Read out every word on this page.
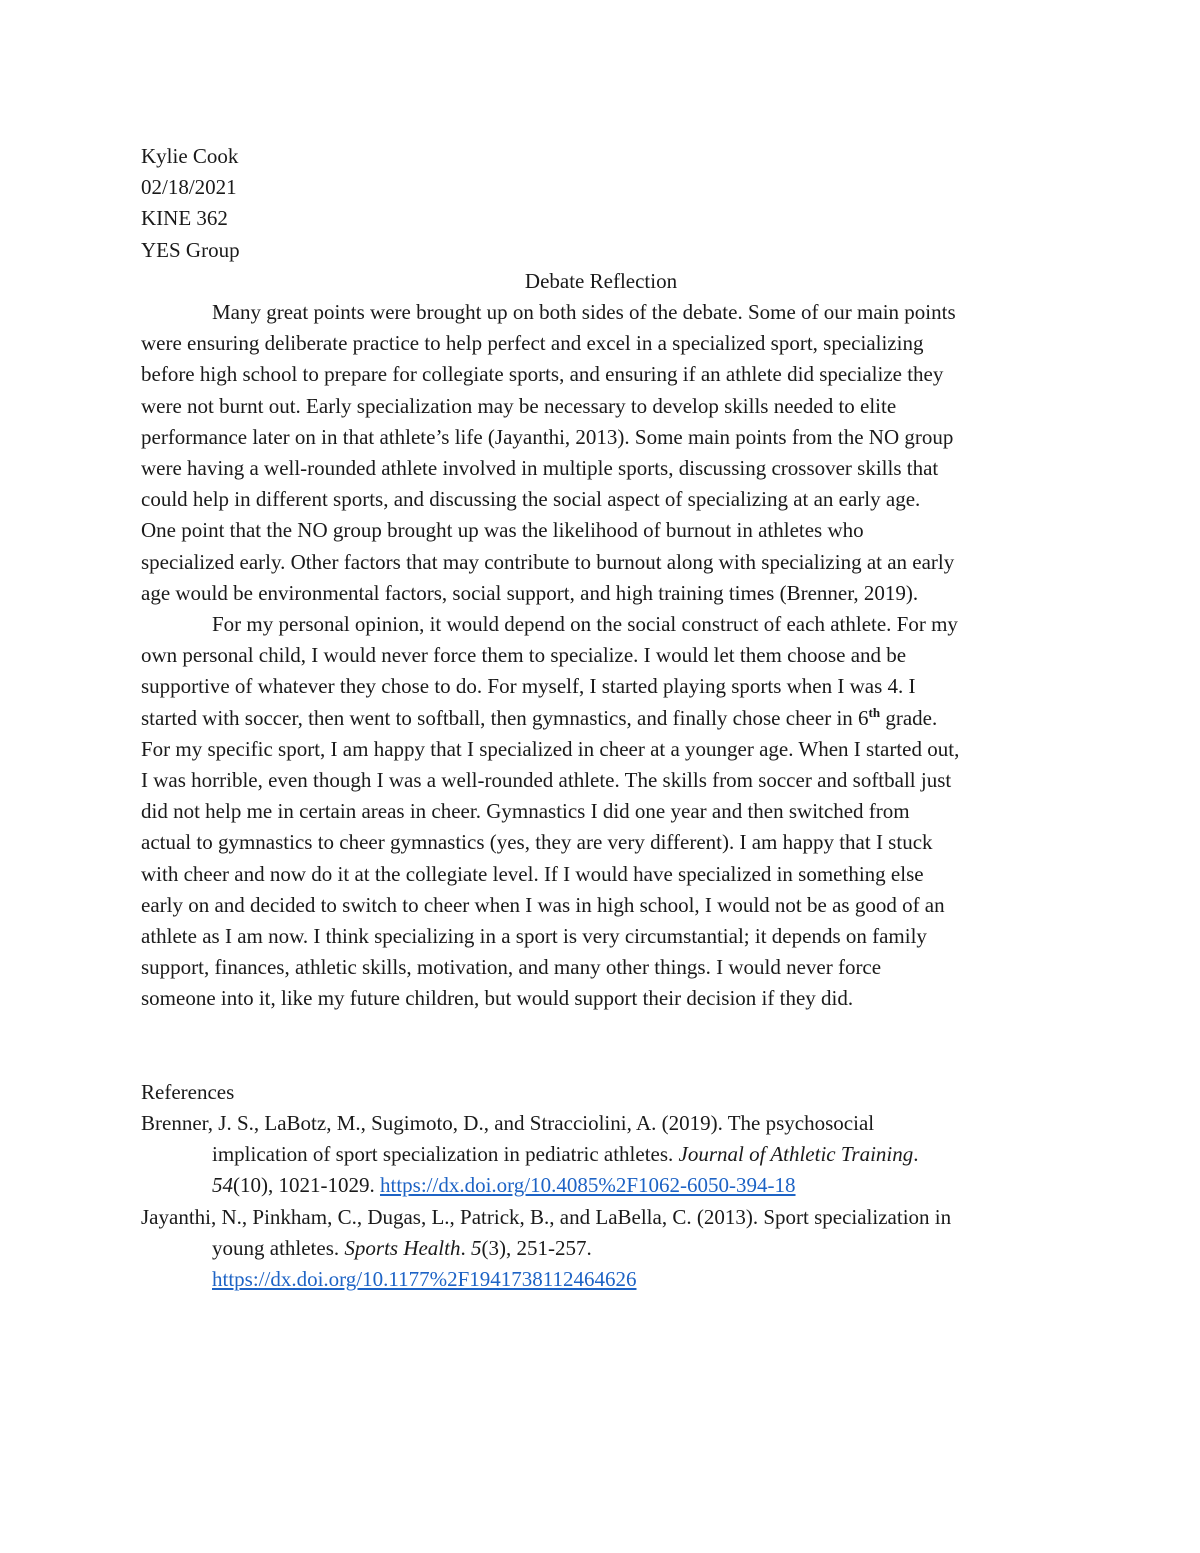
Kylie Cook
02/18/2021
KINE 362
YES Group
Debate Reflection
Many great points were brought up on both sides of the debate. Some of our main points
were ensuring deliberate practice to help perfect and excel in a specialized sport, specializing
before high school to prepare for collegiate sports, and ensuring if an athlete did specialize they
were not burnt out. Early specialization may be necessary to develop skills needed to elite
performance later on in that athlete’s life (Jayanthi, 2013). Some main points from the NO group
were having a well-rounded athlete involved in multiple sports, discussing crossover skills that
could help in different sports, and discussing the social aspect of specializing at an early age.
One point that the NO group brought up was the likelihood of burnout in athletes who
specialized early. Other factors that may contribute to burnout along with specializing at an early
age would be environmental factors, social support, and high training times (Brenner, 2019).
For my personal opinion, it would depend on the social construct of each athlete. For my
own personal child, I would never force them to specialize. I would let them choose and be
supportive of whatever they chose to do. For myself, I started playing sports when I was 4. I
started with soccer, then went to softball, then gymnastics, and finally chose cheer in 6th grade.
For my specific sport, I am happy that I specialized in cheer at a younger age. When I started out,
I was horrible, even though I was a well-rounded athlete. The skills from soccer and softball just
did not help me in certain areas in cheer. Gymnastics I did one year and then switched from
actual to gymnastics to cheer gymnastics (yes, they are very different). I am happy that I stuck
with cheer and now do it at the collegiate level. If I would have specialized in something else
early on and decided to switch to cheer when I was in high school, I would not be as good of an
athlete as I am now. I think specializing in a sport is very circumstantial; it depends on family
support, finances, athletic skills, motivation, and many other things. I would never force
someone into it, like my future children, but would support their decision if they did.
References
Brenner, J. S., LaBotz, M., Sugimoto, D., and Stracciolini, A. (2019). The psychosocial
implication of sport specialization in pediatric athletes. Journal of Athletic Training.
54(10), 1021-1029. https://dx.doi.org/10.4085%2F1062-6050-394-18
Jayanthi, N., Pinkham, C., Dugas, L., Patrick, B., and LaBella, C. (2013). Sport specialization in
young athletes. Sports Health. 5(3), 251-257.
https://dx.doi.org/10.1177%2F1941738112464626
